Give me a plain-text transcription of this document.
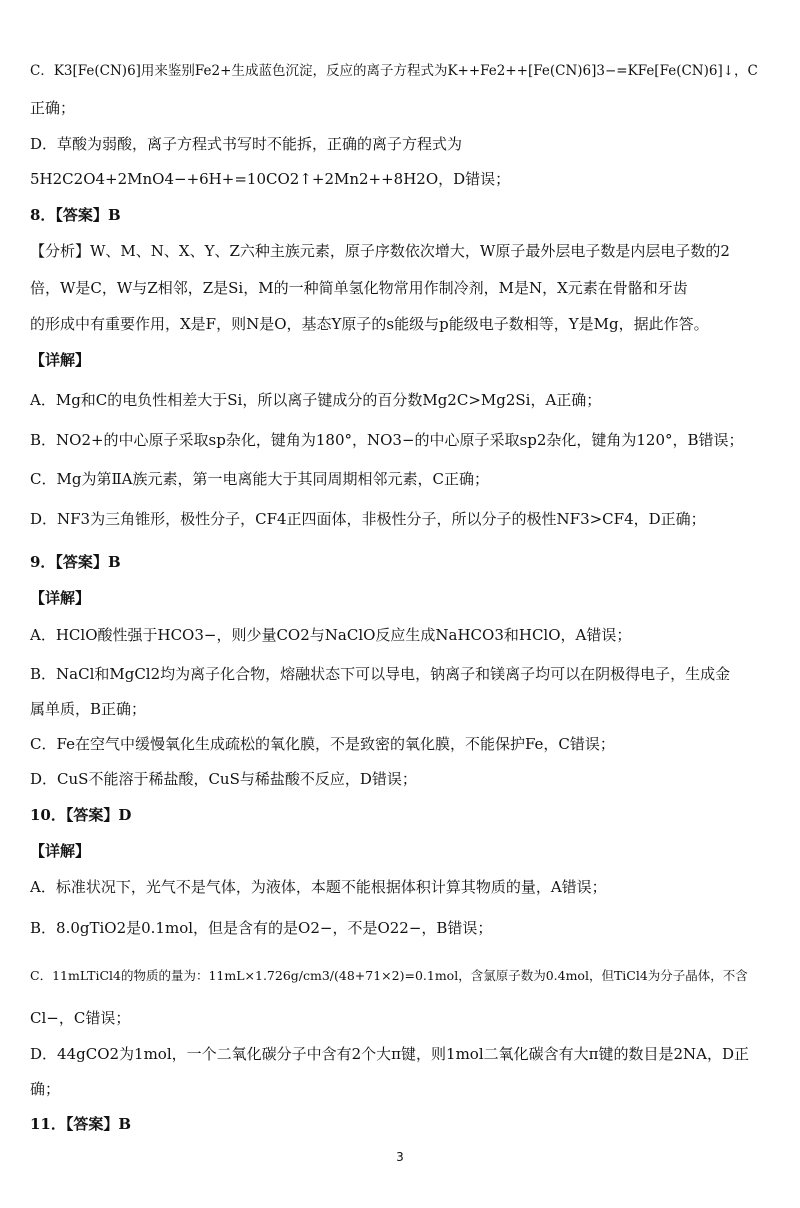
C．K3[Fe(CN)6]用来鉴别Fe2+生成蓝色沉淀，反应的离子方程式为K++Fe2++[Fe(CN)6]3−=KFe[Fe(CN)6]↓，C
正确；
D．草酸为弱酸，离子方程式书写时不能拆，正确的离子方程式为
5H2C2O4+2MnO4−+6H+=10CO2↑+2Mn2++8H2O，D错误；
8．【答案】B
【分析】W、M、N、X、Y、Z六种主族元素，原子序数依次增大，W原子最外层电子数是内层电子数的2
倍，W是C，W与Z相邻，Z是Si，M的一种简单氢化物常用作制冷剂，M是N，X元素在骨骼和牙齿
的形成中有重要作用，X是F，则N是O，基态Y原子的s能级与p能级电子数相等，Y是Mg，据此作答。
【详解】
A．Mg和C的电负性相差大于Si，所以离子键成分的百分数Mg2C>Mg2Si，A正确；
B．NO2+的中心原子采取sp杂化，键角为180°，NO3−的中心原子采取sp2杂化，键角为120°，B错误；
C．Mg为第ⅡA族元素，第一电离能大于其同周期相邻元素，C正确；
D．NF3为三角锥形，极性分子，CF4正四面体，非极性分子，所以分子的极性NF3>CF4，D正确；
9．【答案】B
【详解】
A．HClO酸性强于HCO3−，则少量CO2与NaClO反应生成NaHCO3和HClO，A错误；
B．NaCl和MgCl2均为离子化合物，熔融状态下可以导电，钠离子和镁离子均可以在阴极得电子，生成金
属单质，B正确；
C．Fe在空气中缓慢氧化生成疏松的氧化膜，不是致密的氧化膜，不能保护Fe，C错误；
D．CuS不能溶于稀盐酸，CuS与稀盐酸不反应，D错误；
10．【答案】D
【详解】
A．标准状况下，光气不是气体，为液体，本题不能根据体积计算其物质的量，A错误；
B．8.0gTiO2是0.1mol，但是含有的是O2−，不是O22−，B错误；
C．11mLTiCl4的物质的量为：11mL×1.726g/cm3/(48+71×2)=0.1mol，含氯原子数为0.4mol，但TiCl4为分子晶体，不含
Cl−，C错误；
D．44gCO2为1mol，一个二氧化碳分子中含有2个大π键，则1mol二氧化碳含有大π键的数目是2NA，D正
确；
11．【答案】B
3
